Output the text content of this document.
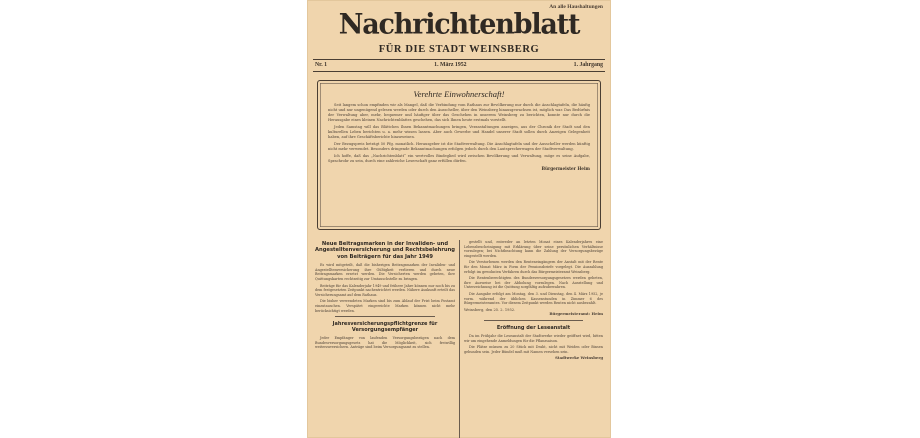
An alle Haushaltungen
Nachrichtenblatt
FÜR DIE STADT WEINSBERG
Nr. 1	1. März 1952	1. Jahrgang
Verehrte Einwohnerschaft!

Seit langem schon empfinden wir als Mangel, daß die Verbindung vom Rathaus zur Bevölkerung nur durch die Anschlagtafeln, die häufig nicht und nur ungenügend gelesen werden oder durch den Ausscheller, über den Weinsberg hinausgewachsen ist, möglich war. Das Bedürfnis der Verwaltung aber, mehr, bequemer und häufiger über das Geschehen in unserem Weinsberg zu berichten, konnte nur durch die Herausgabe eines kleinen Nachrichtenblattes geschehen, das sich Ihnen heute erstmals vorstellt.

Jeden Samstag will das Blättchen Ihnen Bekanntmachungen bringen, Veranstaltungen anzeigen, aus der Chronik der Stadt und den kulturellen Leben berichten u. a. mehr wissen lassen. Aber auch Gewerbe und Handel unserer Stadt sollen durch Anzeigen Gelegenheit haben, auf ihre Geschäftsberichte hinzuweisen.

Der Bezugspreis beträgt 50 Pfg. monatlich. Herausgeber ist die Stadtverwaltung. Die Anschlagtafeln und der Ausscheller werden künftig nicht mehr verwendet. Besonders dringende Bekanntmachungen erfolgen jedoch durch den Lautsprecherwagen der Stadtverwaltung.

Ich hoffe, daß das „Nachrichtenblatt“ ein wertvolles Bindeglied wird zwischen Bevölkerung und Verwaltung, möge es seine Aufgabe, Sprachrohr zu sein, durch eine zahlreiche Leserschaft ganz erfüllen dürfen.

Bürgermeister Heim
Neue Beitragsmarken in der Invaliden- und Angestelltenversicherung und Rechtsbelehrung von Beiträgern für das Jahr 1949

Es wird mitgeteilt, daß die bisherigen Beitragsmarken der Invaliden- und Angestelltenversicherung ihre Gültigkeit verlieren und durch neue Beitragsmarken ersetzt werden. Die Versicherten werden gebeten, ihre Quittungskarten rechtzeitig zur Umtauschstelle zu bringen.

Beiträge für das Kalenderjahr 1949 und frühere Jahre können nur noch bis zu dem festgesetzten Zeitpunkt nachentrichtet werden. Nähere Auskunft erteilt das Versicherungsamt auf dem Rathaus.

Die bisher verwendeten Marken sind bis zum Ablauf der Frist beim Postamt einzutauschen. Verspätet eingereichte Marken können nicht mehr berücksichtigt werden.

Jahresversicherungspflichtgrenze für Versorgungsempfänger

Jeder Empfänger von laufenden Versorgungsbezügen nach dem Bundesversorgungsgesetz hat die Möglichkeit, sich freiwillig weiterzuversichern. Anträge sind beim Versorgungsamt zu stellen.

gestellt und, entweder an letzten Monat eines Kalenderjahres eine Lebensbescheinigung mit Erklärung über seine persönlichen Verhältnisse vorzulegen; bei Nichtbeachtung kann die Zahlung der Versorgungsbezüge eingestellt werden.

Die Verstorbenen werden den Renteneingängern der Anstalt mit der Rente für den Monat März in Form der Pensionsbriefe vorgelegt. Die Auszahlung erfolgt im gewohnten Verfahren durch das Bürgermeisteramt Weinsberg.

Die Rentenberechtigten des Bundesversorgungsgesetzes werden gebeten, ihre Ausweise bei der Abholung vorzulegen. Nach Ausstellung und Unterzeichnung ist die Quittung sorgfältig aufzubewahren.

Die Ausgabe erfolgt am Montag, den 3. und Dienstag, den 4. März 1952, je vorm. während der üblichen Kassenstunden in Zimmer 6 des Bürgermeisteramtes. Vor diesem Zeitpunkt werden Renten nicht ausbezahlt.

Weinsberg, den 25. 2. 1952.
Bürgermeisteramt: Heim
Eröffnung der Leseanstalt

Da im Frühjahr die Leseanstalt der Stadtwerke wieder geöffnet wird, bitten wir um eingehende Anmeldungen für die Pflanzsaison.

Die Plätze müssen zu 20 Stück mit Draht, nicht mit Weiden oder Binsen gebunden sein. Jeder Bündel muß mit Namen versehen sein.

Stadtwerke Weinsberg
